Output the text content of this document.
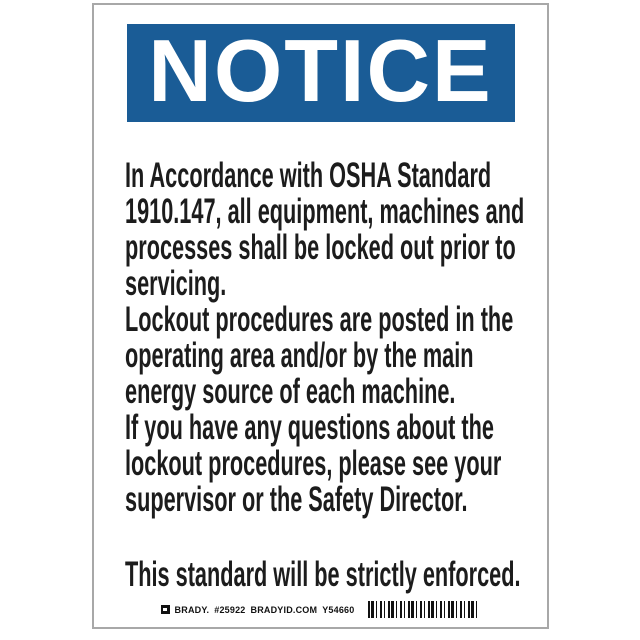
NOTICE
In Accordance with OSHA Standard
1910.147, all equipment, machines and
processes shall be locked out prior to
servicing.
Lockout procedures are posted in the
operating area and/or by the main
energy source of each machine.
If you have any questions about the
lockout procedures, please see your
supervisor or the Safety Director.
This standard will be strictly enforced.
BRADY. #25922 BRADYID.COM Y54660
